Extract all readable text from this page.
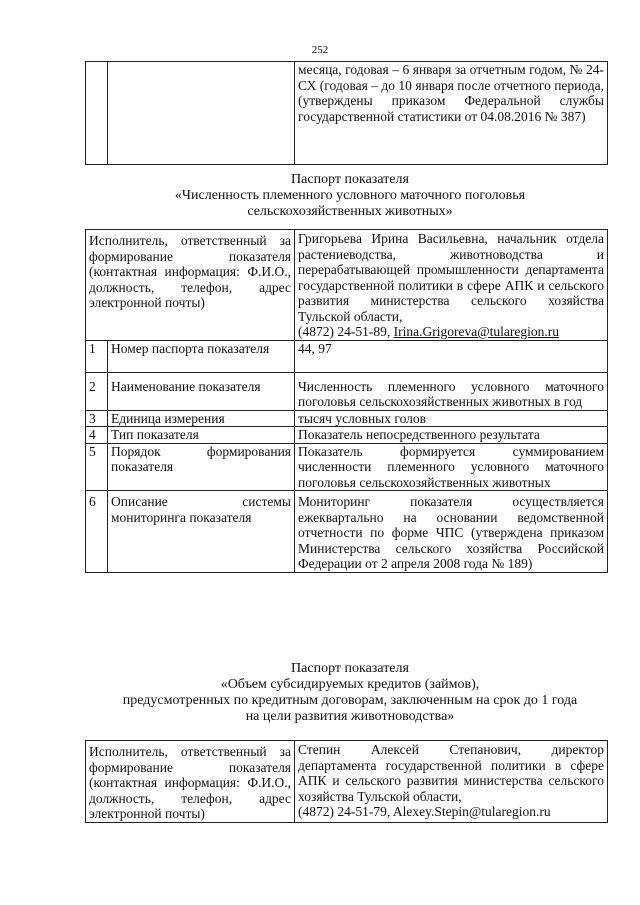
252
		месяца, годовая – 6 января за отчетным годом, № 24-СХ (годовая – до 10 января после отчетного периода, (утверждены приказом Федеральной службы государственной статистики от 04.08.2016 № 387)
Паспорт показателя
«Численность племенного условного маточного поголовья
сельскохозяйственных животных»
Исполнитель, ответственный за формирование показателя (контактная информация: Ф.И.О., должность, телефон, адрес электронной почты)		Григорьева Ирина Васильевна, начальник отдела растениеводства, животноводства и перерабатывающей промышленности департамента государственной политики в сфере АПК и сельского развития министерства сельского хозяйства Тульской области,
(4872) 24-51-89, Irina.Grigoreva@tularegion.ru

1	Номер паспорта показателя	44, 97
2	Наименование показателя	Численность племенного условного маточного поголовья сельскохозяйственных животных в год
3	Единица измерения	тысяч условных голов
4	Тип показателя	Показатель непосредственного результата
5	Порядок формирования показателя	Показатель формируется суммированием численности племенного условного маточного поголовья сельскохозяйственных животных
6	Описание системы мониторинга показателя	Мониторинг показателя осуществляется ежеквартально на основании ведомственной отчетности по форме ЧПС (утверждена приказом Министерства сельского хозяйства Российской Федерации от 2 апреля 2008 года № 189)
Паспорт показателя
«Объем субсидируемых кредитов (займов),
предусмотренных по кредитным договорам, заключенным на срок до 1 года
на цели развития животноводства»
Исполнитель, ответственный за формирование показателя (контактная информация: Ф.И.О., должность, телефон, адрес электронной почты)	Степин Алексей Степанович, директор департамента государственной политики в сфере АПК и сельского развития министерства сельского хозяйства Тульской области,
(4872) 24-51-79, Alexey.Stepin@tularegion.ru
